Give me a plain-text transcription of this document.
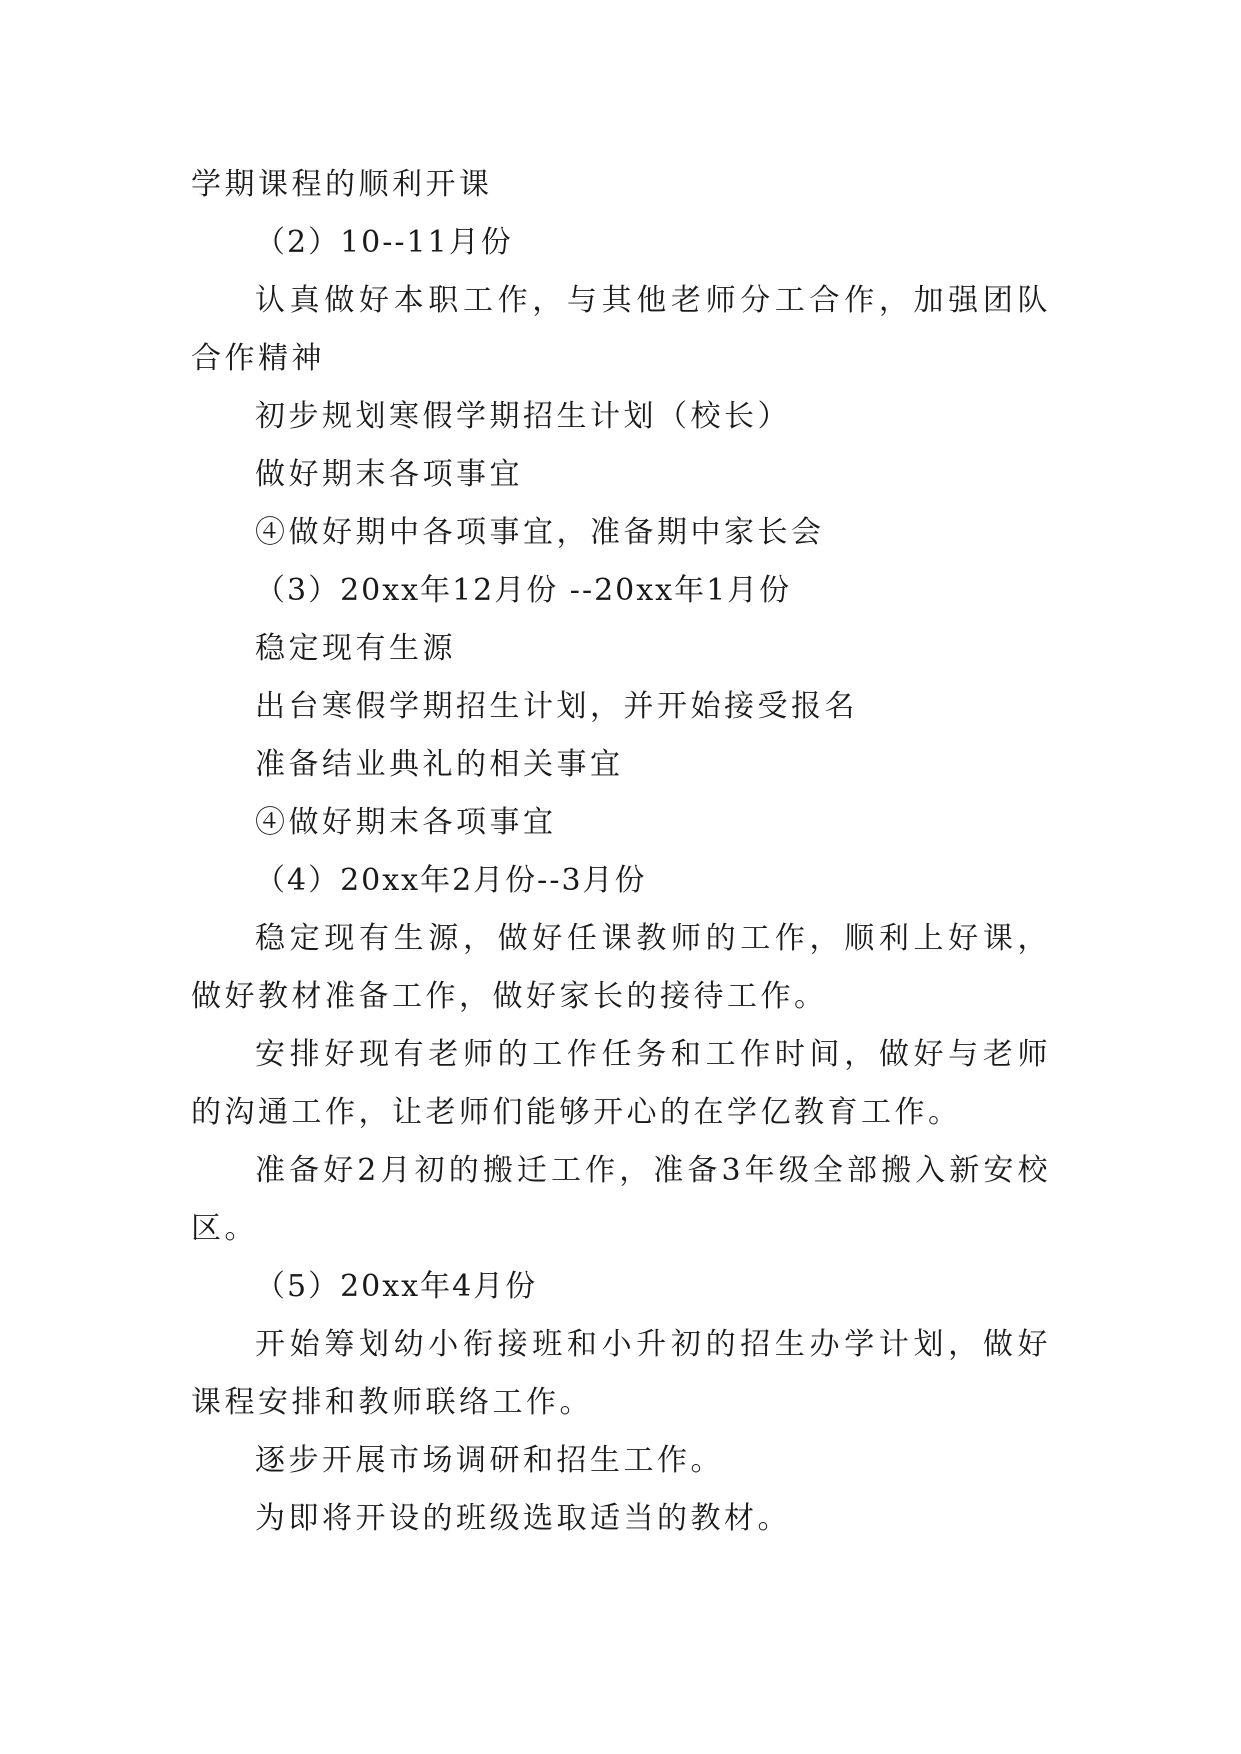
学期课程的顺利开课

（2）10--11月份

认真做好本职工作，与其他老师分工合作，加强团队合作精神

初步规划寒假学期招生计划（校长）

做好期末各项事宜

④做好期中各项事宜，准备期中家长会

（3）20xx年12月份 --20xx年1月份

稳定现有生源

出台寒假学期招生计划，并开始接受报名

准备结业典礼的相关事宜

④做好期末各项事宜

（4）20xx年2月份--3月份

稳定现有生源，做好任课教师的工作，顺利上好课，做好教材准备工作，做好家长的接待工作。

安排好现有老师的工作任务和工作时间，做好与老师的沟通工作，让老师们能够开心的在学亿教育工作。

准备好2月初的搬迁工作，准备3年级全部搬入新安校区。

（5）20xx年4月份

开始筹划幼小衔接班和小升初的招生办学计划，做好课程安排和教师联络工作。

逐步开展市场调研和招生工作。

为即将开设的班级选取适当的教材。
